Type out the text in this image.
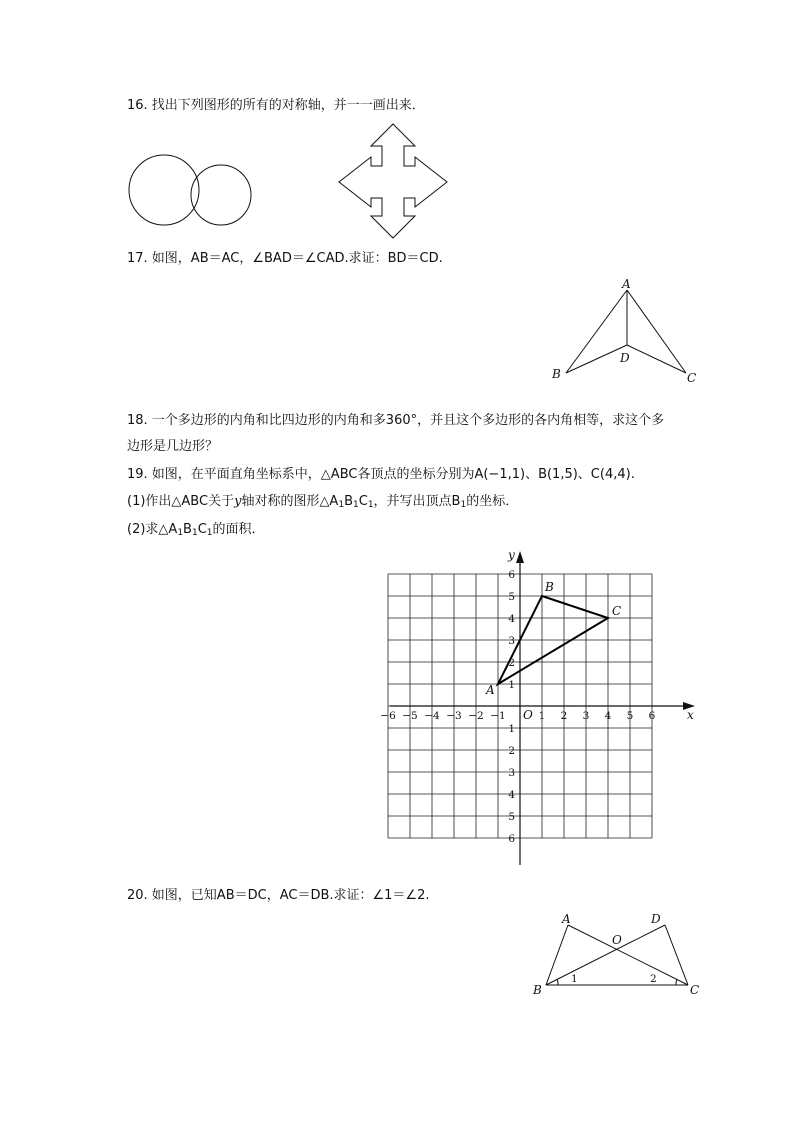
16. 找出下列图形的所有的对称轴，并一一画出来．
17. 如图，AB＝AC，∠BAD＝∠CAD.求证：BD＝CD.
A
B	C
D
18. 一个多边形的内角和比四边形的内角和多360°，并且这个多边形的各内角相等，求这个多
边形是几边形？
19. 如图，在平面直角坐标系中，△ABC各顶点的坐标分别为A(−1,1)、B(1,5)、C(4,4).
(1)作出△ABC关于y轴对称的图形$\triangle A_1B_1C_1$，并写出顶点$B_1$的坐标．
(2)求$\triangle A_1B_1C_1$的面积．
x
y
O
−6 −5 −4 −3 −2 −1	1 2 3 4 5 6
6
5
4
3
2
1
1
2
3
4
5
6
A
B
C
20. 如图，已知AB＝DC，AC＝DB.求证：∠1＝∠2.
A	D
B	C
O
1	2
